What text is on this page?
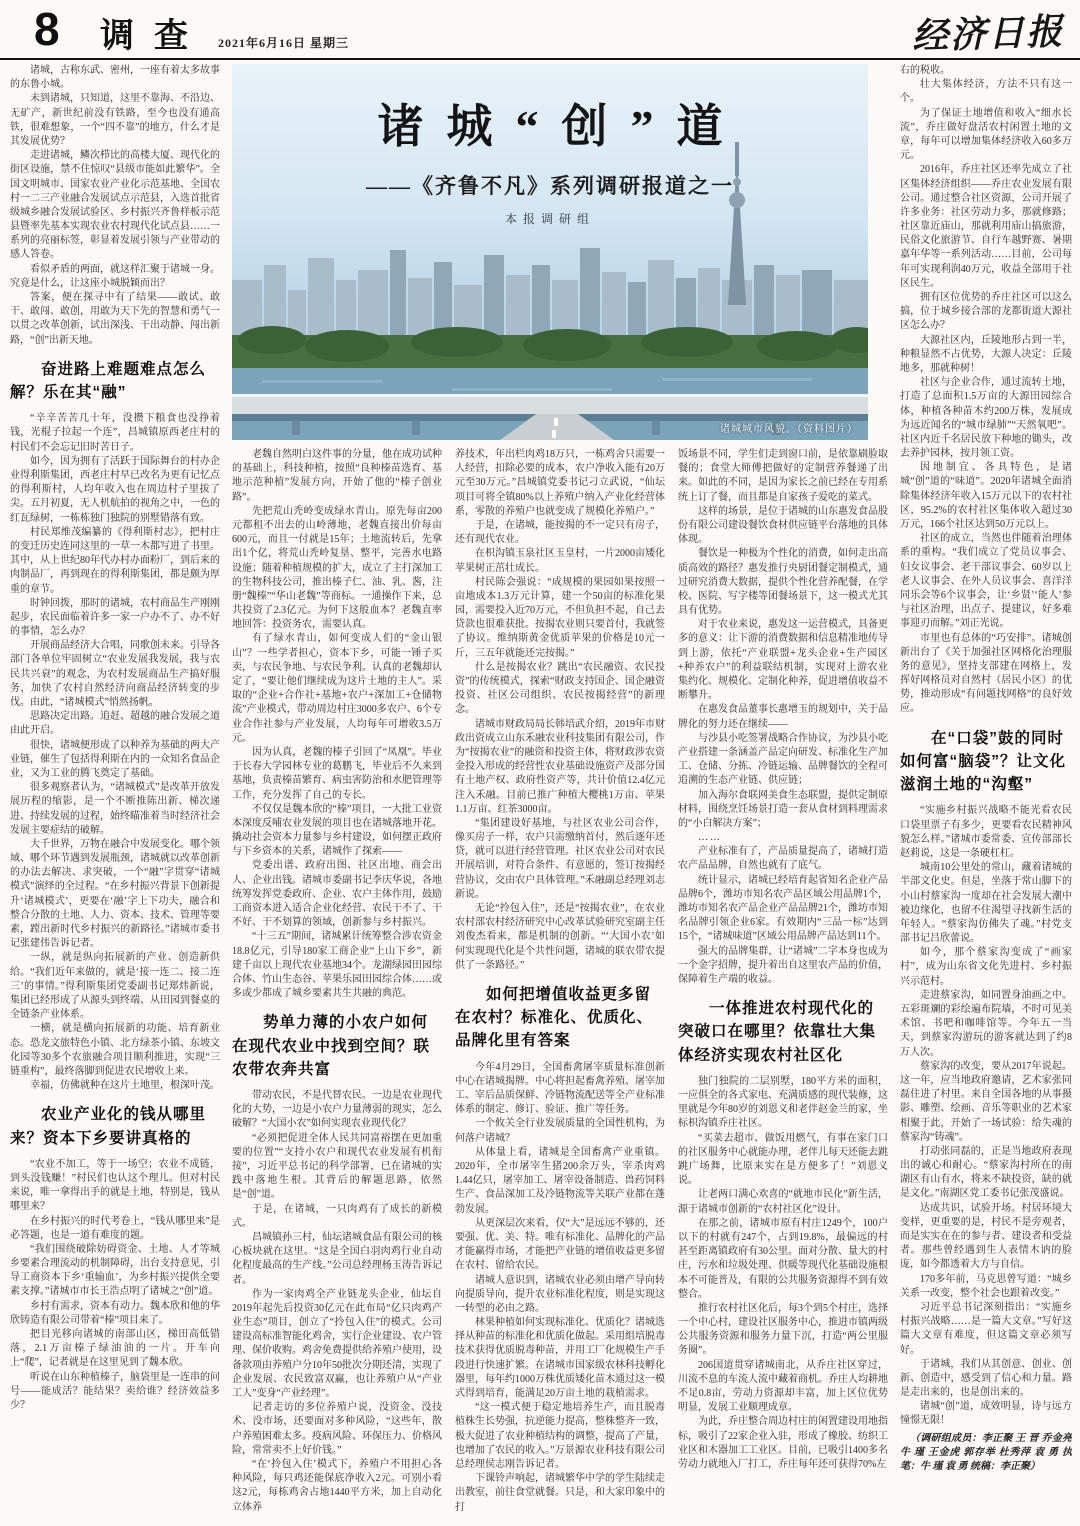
8 调查 2021年6月16日 星期三	经济日报
诸城“创”道
——《齐鲁不凡》系列调研报道之一
本报调研组
诸城城市风貌。（资料图片）

诸城，古称东武、密州，一座有着太多故事的东鲁小城。

未到诸城，只知道，这里不靠海、不沿边、无矿产，新世纪前没有铁路，至今也没有通高铁，很难想象，一个“四不靠”的地方，什么才是其发展优势？

走进诸城，鳞次栉比的高楼大厦、现代化的街区设施，禁不住惊叹“县级市能如此繁华”。全国文明城市、国家农业产业化示范基地、全国农村一二三产业融合发展试点示范县，入选首批省级城乡融合发展试验区、乡村振兴齐鲁样板示范县暨率先基本实现农业农村现代化试点县……一系列的亮丽标签，彰显着发展引领与产业带动的感人答卷。

看似矛盾的两面，就这样汇聚于诸城一身。究竟是什么，让这座小城脱颖而出？

答案，便在探寻中有了结果——敢试、敢干、敢闯、敢创，用敢为天下先的智慧和勇气一以贯之改革创新，试出深浅、干出动静、闯出新路，“创”出新天地。

奋进路上难题难点怎么解？乐在其“融”

“辛辛苦苦几十年，没攒下粮食也没挣着钱，光棍子拉起一个连”，昌城镇原西老庄村的村民们不会忘记旧时苦日子。

如今，因为拥有了活跃于国际舞台的村办企业得利斯集团，西老庄村早已改名为更有记忆点的得利斯村，人均年收入也在周边村子里拔了尖。五月初夏，无人机航拍的视角之中，一色的红瓦绿树，一栋栋独门独院的别墅错落有致。

村民郑维茂编纂的《得利斯村志》，把村庄的变迁历史连同这里的一草一木都写进了书里。其中，从上世纪80年代办村办面粉厂，到后来的肉制品厂，再到现在的得利斯集团，都是颇为厚重的章节。

时钟回拨，那时的诸城，农村商品生产刚刚起步，农民面临着许多一家一户办不了、办不好的事情，怎么办？

开展商品经济大合唱，同歌创未来。引导各部门各单位牢固树立“农业发展我发展，我与农民共兴衰”的观念，为农村发展商品生产搞好服务，加快了农村自然经济向商品经济转变的步伐。由此，“诸城模式”悄然扬帆。

思路决定出路。追赶、超越的融合发展之道由此开启。

很快，诸城便形成了以种养为基础的两大产业链，催生了包括得利斯在内的一众知名食品企业，又为工业的腾飞奠定了基础。

很多观察者认为，“诸城模式”是改革开放发展历程的缩影，是一个不断推陈出新、梯次递进、持续发展的过程，始终瞄准着当时经济社会发展主要症结的破解。

大千世界，万物在融合中发展变化。哪个领域、哪个环节遇到发展瓶颈，诸城就以改革创新的办法去解决、求突破，一个“融”字贯穿“诸城模式”演绎的全过程。“在乡村振兴背景下创新提升‘诸城模式’，更要在‘融’字上下功夫，融合和整合分散的土地、人力、资本、技术、管理等要素，蹚出新时代乡村振兴的新路径。”诸城市委书记张建伟告诉记者。

一纵，就是纵向拓展新的产业、创造新供给。“我们近年来做的，就是‘接一连二、接二连三’的事情。”得利斯集团党委副书记郑炜新说，集团已经形成了从源头到终端、从田园到餐桌的全链条产业体系。

一横，就是横向拓展新的功能、培育新业态。恐龙文旅特色小镇、北方绿茶小镇、东坡文化园等30多个农旅融合项目顺利推进，实现“三链重构”，最终落脚到促进农民增收上来。

幸福，仿佛就种在这片土地里，根深叶茂。

农业产业化的钱从哪里来？资本下乡要讲真格的

“农业不加工，等于一场空；农业不成链，到头没钱赚！”村民们也认这个理儿。但对村民来说，唯一拿得出手的就是土地，特别是，钱从哪里来？

在乡村振兴的时代考卷上，“钱从哪里来”是必答题，也是一道有难度的题。

“我们围绕破除妨碍资金、土地、人才等城乡要素合理流动的机制障碍，出台支持意见，引导工商资本下乡‘重输血’，为乡村振兴提供全要素支撑。”诸城市市长王浩点明了诸城之“创”道。

乡村有需求，资本有动力。魏本欣和他的华欣铸造有限公司带着“榛”项目来了。

把目光移向诸城的南部山区，梯田高低错落，2.1万亩榛子绿油油的一片。开车向上“爬”，记者就是在这里见到了魏本欣。

听说在山东种植榛子，脑袋里是一连串的问号——能成活？能结果？卖给谁？经济效益多少？

老魏自然明白这件事的分量，他在成功试种的基础上，科技种植，按照“良种榛苗选育、基地示范种植”发展方向，开始了他的“榛子创业路”。

先把荒山秃岭变成绿水青山。原先每亩200元都租不出去的山岭薄地，老魏直接出价每亩600元，而且一付就是15年；土地流转后，先拿出1个亿，将荒山秃岭复垦、整平，完善水电路设施；随着种植规模的扩大，成立了主打深加工的生物科技公司，推出榛子仁、油、乳、酱，注册“魏榛”“华山老魏”等商标。一通操作下来，总共投资了2.3亿元。为何下这般血本？老魏直率地回答：投资务农，需要认真。

有了绿水青山，如何变成人们的“金山银山”？一些学者担心，资本下乡，可能一锤子买卖，与农民争地、与农民争利。认真的老魏却认定了，“要让他们继续成为这片土地的主人”。采取的“企业+合作社+基地+农户+深加工+仓储物流”产业模式，带动周边村庄3000多农户、6个专业合作社参与产业发展，人均每年可增收3.5万元。

因为认真，老魏的榛子引回了“凤凰”。毕业于长春大学园林专业的葛鹏飞，毕业后不久来到基地，负责榛苗繁育、病虫害防治和水肥管理等工作，充分发挥了自己的专长。

不仅仅是魏本欣的“榛”项目，一大批工业资本深度反哺农业发展的项目也在诸城落地开花。撬动社会资本力量参与乡村建设，如何摆正政府与下乡资本的关系，诸城作了探索——

党委出谱、政府出图、社区出地、商会出人、企业出钱。诸城市委副书记李庆华说，各地统筹发挥党委政府、企业、农户主体作用，鼓励工商资本进入适合企业化经营、农民干不了、干不好、干不划算的领域，创新参与乡村振兴。

“十三五”期间，诸城累计统筹整合涉农资金18.8亿元，引导180家工商企业“上山下乡”，新建千亩以上现代农业基地34个。龙湖绿园田园综合体、竹山生态谷、苹果乐园田园综合体……或多或少都成了城乡要素共生共融的典范。

势单力薄的小农户如何在现代农业中找到空间？联农带农奔共富

带动农民，不是代替农民。一边是农业现代化的大势，一边是小农户力量薄弱的现实，怎么破解？“大国小农”如何实现农业现代化？

“必须把促进全体人民共同富裕摆在更加重要的位置”“支持小农户和现代农业发展有机衔接”，习近平总书记的科学部署，已在诸城的实践中落地生根。其背后的解题思路，依然是“创”道。

于是，在诸城，一只肉鸡有了成长的新模式。

昌城镇孙三村，仙坛诸城食品有限公司的核心板块就在这里。“这是全国白羽肉鸡行业自动化程度最高的生产线。”公司总经理杨玉涛告诉记者。

作为一家肉鸡全产业链龙头企业，仙坛自2019年起先后投资30亿元在此布局“亿只肉鸡产业生态”项目，创立了“拎包入住”的模式。公司建设高标准智能化鸡舍，实行企业建设、农户管理、保价收购。鸡舍免费提供给养殖户使用，设备款项由养殖户分10年50批次分期还清，实现了企业发展、农民致富双赢，也让养殖户从“产业工人”变身“产业经理”。

记者走访的多位养殖户说，没资金、没技术、没市场，还要面对多种风险，“这些年，散户养殖困难太多。疫病风险、环保压力、价格风险，常常卖不上好价钱。”

“在‘拎包入住’模式下，养殖户不用担心各种风险，每只鸡还能保底净收入2元。可别小看这2元，每栋鸡舍占地1440平方米，加上自动化立体养

养技术，年出栏肉鸡18万只，一栋鸡舍只需要一人经营，扣除必要的成本，农户净收入能有20万元至30万元。”昌城镇党委书记刁立武说，“仙坛项目可将全镇80%以上养殖户纳入产业化经营体系，零散的养殖户也就变成了规模化养殖户。”

于是，在诸城，能按揭的不一定只有房子，还有现代农业。

在枳沟镇玉泉社区玉皇村，一片2000亩矮化苹果树正茁壮成长。

村民陈会强说：“成规模的果园如果按照一亩地成本1.3万元计算，建一个50亩的标准化果园，需要投入近70万元，不但负担不起，自己去贷款也很难获批。按揭农业则只要首付，我就签了协议。维纳斯黄金优质苹果的价格是10元一斤，三五年就能还完按揭。”

什么是按揭农业？跳出“农民融资、农民投资”的传统模式，探索“财政支持国企、国企融资投资、社区公司组织、农民按揭经营”的新理念。

诸城市财政局局长韩培武介绍，2019年市财政出资成立山东禾融农业科技集团有限公司，作为“按揭农业”的融资和投资主体，将财政涉农资金投入形成的经营性农业基础设施资产及部分国有土地产权、政府性资产等，共计价值12.4亿元注入禾融。目前已推广种植大樱桃1万亩、苹果1.1万亩、红茶3000亩。

“集团建设好基地，与社区农业公司合作，像买房子一样，农户只需缴纳首付，然后逐年还贷，就可以进行经营管理。社区农业公司对农民开展培训，对符合条件、有意愿的，签订按揭经营协议，交由农户具体管理。”禾融副总经理刘志新说。

无论“拎包入住”，还是“按揭农业”，在农业农村部农村经济研究中心改革试验研究室副主任刘俊杰看来，都是机制的创新。“‘大国小农’如何实现现代化是个共性问题，诸城的联农带农提供了一条路径。”

如何把增值收益更多留在农村？标准化、优质化、品牌化里有答案

今年4月29日，全国畜禽屠宰质量标准创新中心在诸城揭牌。中心将担起畜禽养殖、屠宰加工、宰后品质保鲜、冷链物流配送等全产业标准体系的制定、修订、验证、推广等任务。

一个攸关全行业发展质量的全国性机构，为何落户诸城？

从体量上看，诸城是全国畜禽产业重镇。2020年，全市屠宰生猪200余万头，宰杀肉鸡1.44亿只，屠宰加工、屠宰设备制造、兽药饲料生产、食品深加工及冷链物流等关联产业都在蓬勃发展。

从更深层次来看，仅“大”是远远不够的，还要强、优、美、特。唯有标准化、品牌化的产品才能赢得市场，才能把产业链的增值收益更多留在农村、留给农民。

诸城人意识到，诸城农业必须由增产导向转向提质导向，提升农业标准化程度，则是实现这一转型的必由之路。

林果种植如何实现标准化、优质化？诸城选择从种苗的标准化和优质化做起。采用组培脱毒技术获得优质脱毒种苗，并用工厂化规模生产手段进行快速扩繁。在诸城市国家级农林科技孵化器里，每年约1000万株优质矮化苗木通过这一模式得到培育，能满足20万亩土地的栽植需求。

“这一模式便于稳定地培养生产，而且脱毒植株生长势强，抗逆能力提高，整株整齐一致，极大促进了农业种植结构的调整，提高了产量，也增加了农民的收入。”万景源农业科技有限公司总经理侯志刚告诉记者。

下课铃声响起，诸城繁华中学的学生陆续走出教室，前往食堂就餐。只是，和大家印象中的打

饭场景不同，学生们走到窗口前，是依靠刷脸取餐的；食堂大师傅把做好的定制营养餐递了出来。如此的不同，是因为家长之前已经在专用系统上订了餐，而且都是自家孩子爱吃的菜式。

这样的场景，是位于诸城的山东惠发食品股份有限公司建设餐饮食材供应链平台落地的具体体现。

餐饮是一种极为个性化的消费，如何走出高质高效的路径？惠发推行央厨团餐定制模式，通过研究消费大数据，提供个性化营养配餐，在学校、医院、写字楼等团餐场景下，这一模式尤其具有优势。

对于农业来说，惠发这一运营模式，具备更多的意义：让下游的消费数据和信息精准地传导到上游，依托“产业联盟+龙头企业+生产园区+种养农户”的利益联结机制，实现对上游农业集约化、规模化、定制化种养，促进增值收益不断攀升。

在惠发食品董事长惠增玉的规划中，关于品牌化的努力还在继续——

与沙县小吃签署战略合作协议，为沙县小吃产业搭建一条涵盖产品定向研发、标准化生产加工、仓储、分拣、冷链运输、品牌餐饮的全程可追溯的生态产业链、供应链；

加入海尔食联网美食生态联盟，提供定制原材料，围绕烹饪场景打造一套从食材到料理需求的“小白解决方案”；

……

产业标准有了，产品质量提高了，诸城打造农产品品牌，自然也就有了底气。

统计显示，诸城已经培育起省知名企业产品品牌6个，潍坊市知名农产品区域公用品牌1个，潍坊市知名农产品企业产品品牌21个，潍坊市知名品牌引领企业6家。有效期内“三品一标”达到15个，“诸城味道”区域公用品牌产品达到11个。

强大的品牌集群，让“诸城”二字本身也成为一个金字招牌，提升着出自这里农产品的价值，保障着生产端的收益。

一体推进农村现代化的突破口在哪里？依靠壮大集体经济实现农村社区化

独门独院的二层别墅，180平方米的面积，一应俱全的各式家电、充满质感的现代装修，这里就是今年80岁的刘恩义和老伴赵金兰的家，坐标枳沟镇乔庄社区。

“买菜去超市、做饭用燃气，有事在家门口的社区服务中心就能办理，老伴儿每天还能去跳跳广场舞，比原来实在是方便多了！”刘恩义说。

让老两口满心欢喜的“就地市民化”新生活，源于诸城市创新的“农村社区化”设计。

在那之前，诸城市原有村庄1249个，100户以下的村就有247个，占到19.8%，最偏远的村甚至距离镇政府有30公里。面对分散、量大的村庄，污水和垃圾处理、供暖等现代化基础设施根本不可能普及，有限的公共服务资源得不到有效整合。

推行农村社区化后，每3个到5个村庄，选择一个中心村，建设社区服务中心，推进市镇两级公共服务资源和服务力量下沉，打造“两公里服务圈”。

206国道贯穿诸城南北，从乔庄社区穿过，川流不息的车流人流中藏着商机。乔庄人均耕地不足0.8亩，劳动力资源却丰富，加上区位优势明显，发展工业顺理成章。

为此，乔庄整合周边村庄的闲置建设用地指标，吸引了22家企业入驻，形成了橡胶、纺织工业区和木器加工工业区。目前，已吸引1400多名劳动力就地入厂打工，乔庄每年还可获得70%左

右的税收。

壮大集体经济，方法不只有这一个。

为了保证土地增值和收入“细水长流”，乔庄做好盘活农村闲置土地的文章，每年可以增加集体经济收入60多万元。

2016年，乔庄社区还率先成立了社区集体经济组织——乔庄农业发展有限公司。通过整合社区资源，公司开展了许多业务：社区劳动力多，那就修路；社区靠近庙山，那就利用庙山搞旅游，民俗文化旅游节、自行车越野赛、暑期嘉年华等一系列活动……目前，公司每年可实现利润40万元，收益全部用于社区民生。

拥有区位优势的乔庄社区可以这么搞，位于城乡接合部的龙都街道大源社区怎么办？

大源社区内，丘陵地形占到一半，种粮显然不占优势，大源人决定：丘陵地多，那就种树！

社区与企业合作，通过流转土地，打造了总面积1.5万亩的大源田园综合体，种植各种苗木约200万株，发展成为远近闻名的“城市绿肺”“天然氧吧”。社区内近千名居民放下种地的锄头，改去养护园林，按月领工资。

因地制宜、各具特色，是诸城“创”道的“味道”。2020年诸城全面消除集体经济年收入15万元以下的农村社区，95.2%的农村社区集体收入超过30万元，166个社区达到50万元以上。

社区的成立，当然也伴随着治理体系的重构。“我们成立了党员议事会、妇女议事会、老干部议事会、60岁以上老人议事会、在外人员议事会、喜洋洋同乐会等6个议事会，让‘乡贤’‘能人’参与社区治理，出点子、提建议，好多难事迎刃而解。”刘正光说。

市里也有总体的“巧安排”。诸城创新出台了《关于加强社区网格化治理服务的意见》，坚持支部建在网格上，发挥好网格员对自然村（居民小区）的优势，推动形成“有问题找网格”的良好效应。

在“口袋”鼓的同时如何富“脑袋”？让文化滋润土地的“沟壑”

“实施乡村振兴战略不能光看农民口袋里票子有多少，更要看农民精神风貌怎么样。”诸城市委常委、宣传部部长赵莉说，这是一条硬杠杠。

城南10公里处的常山，藏着诸城的半部文化史。但是，坐落于常山脚下的小山村蔡家沟一度却在社会发展大潮中被边缘化，也留不住渴望寻找新生活的年轻人。“蔡家沟仿佛失了魂。”村党支部书记吕欣蕾说。

如今，那个蔡家沟变成了“画家村”，成为山东省文化先进村、乡村振兴示范村。

走进蔡家沟，如同置身油画之中。五彩斑斓的彩绘遍布院墙，不时可见美术馆、书吧和咖啡馆等。今年五一当天，到蔡家沟游玩的游客就达到了约8万人次。

蔡家沟的改变，要从2017年说起。这一年，应当地政府邀请，艺术家张同磊住进了村里。来自全国各地的从事摄影、雕塑、绘画、音乐等职业的艺术家相聚于此，开始了一场试验：给失魂的蔡家沟“铸魂”。

打动张同磊的，正是当地政府表现出的诚心和耐心。“蔡家沟村所在的南湖区有山有水，将来不缺投资，缺的就是文化。”南湖区党工委书记张茂盛说。

达成共识，试验开场。村居环境大变样，更重要的是，村民不是旁观者，而是实实在在的参与者、建设者和受益者。那些曾经遇到生人表情木讷的脸庞，如今都透着大方与自信。

170多年前，马克思曾写道：“城乡关系一改变，整个社会也跟着改变。”

习近平总书记深刻指出：“实施乡村振兴战略……是一篇大文章。”写好这篇大文章有难度，但这篇文章必须写好。

于诸城，我们从其创意、创业、创新、创造中，感受到了信心和力量。路是走出来的，也是创出来的。

诸城“创”道，成效明显，诗与远方憧憬无限！

（调研组成员：李正聚 王 晋 乔金亮 牛 瑾 王金虎 郭存举 杜秀萍 袁 勇 执笔：牛 瑾 袁 勇 统稿：李正聚）
